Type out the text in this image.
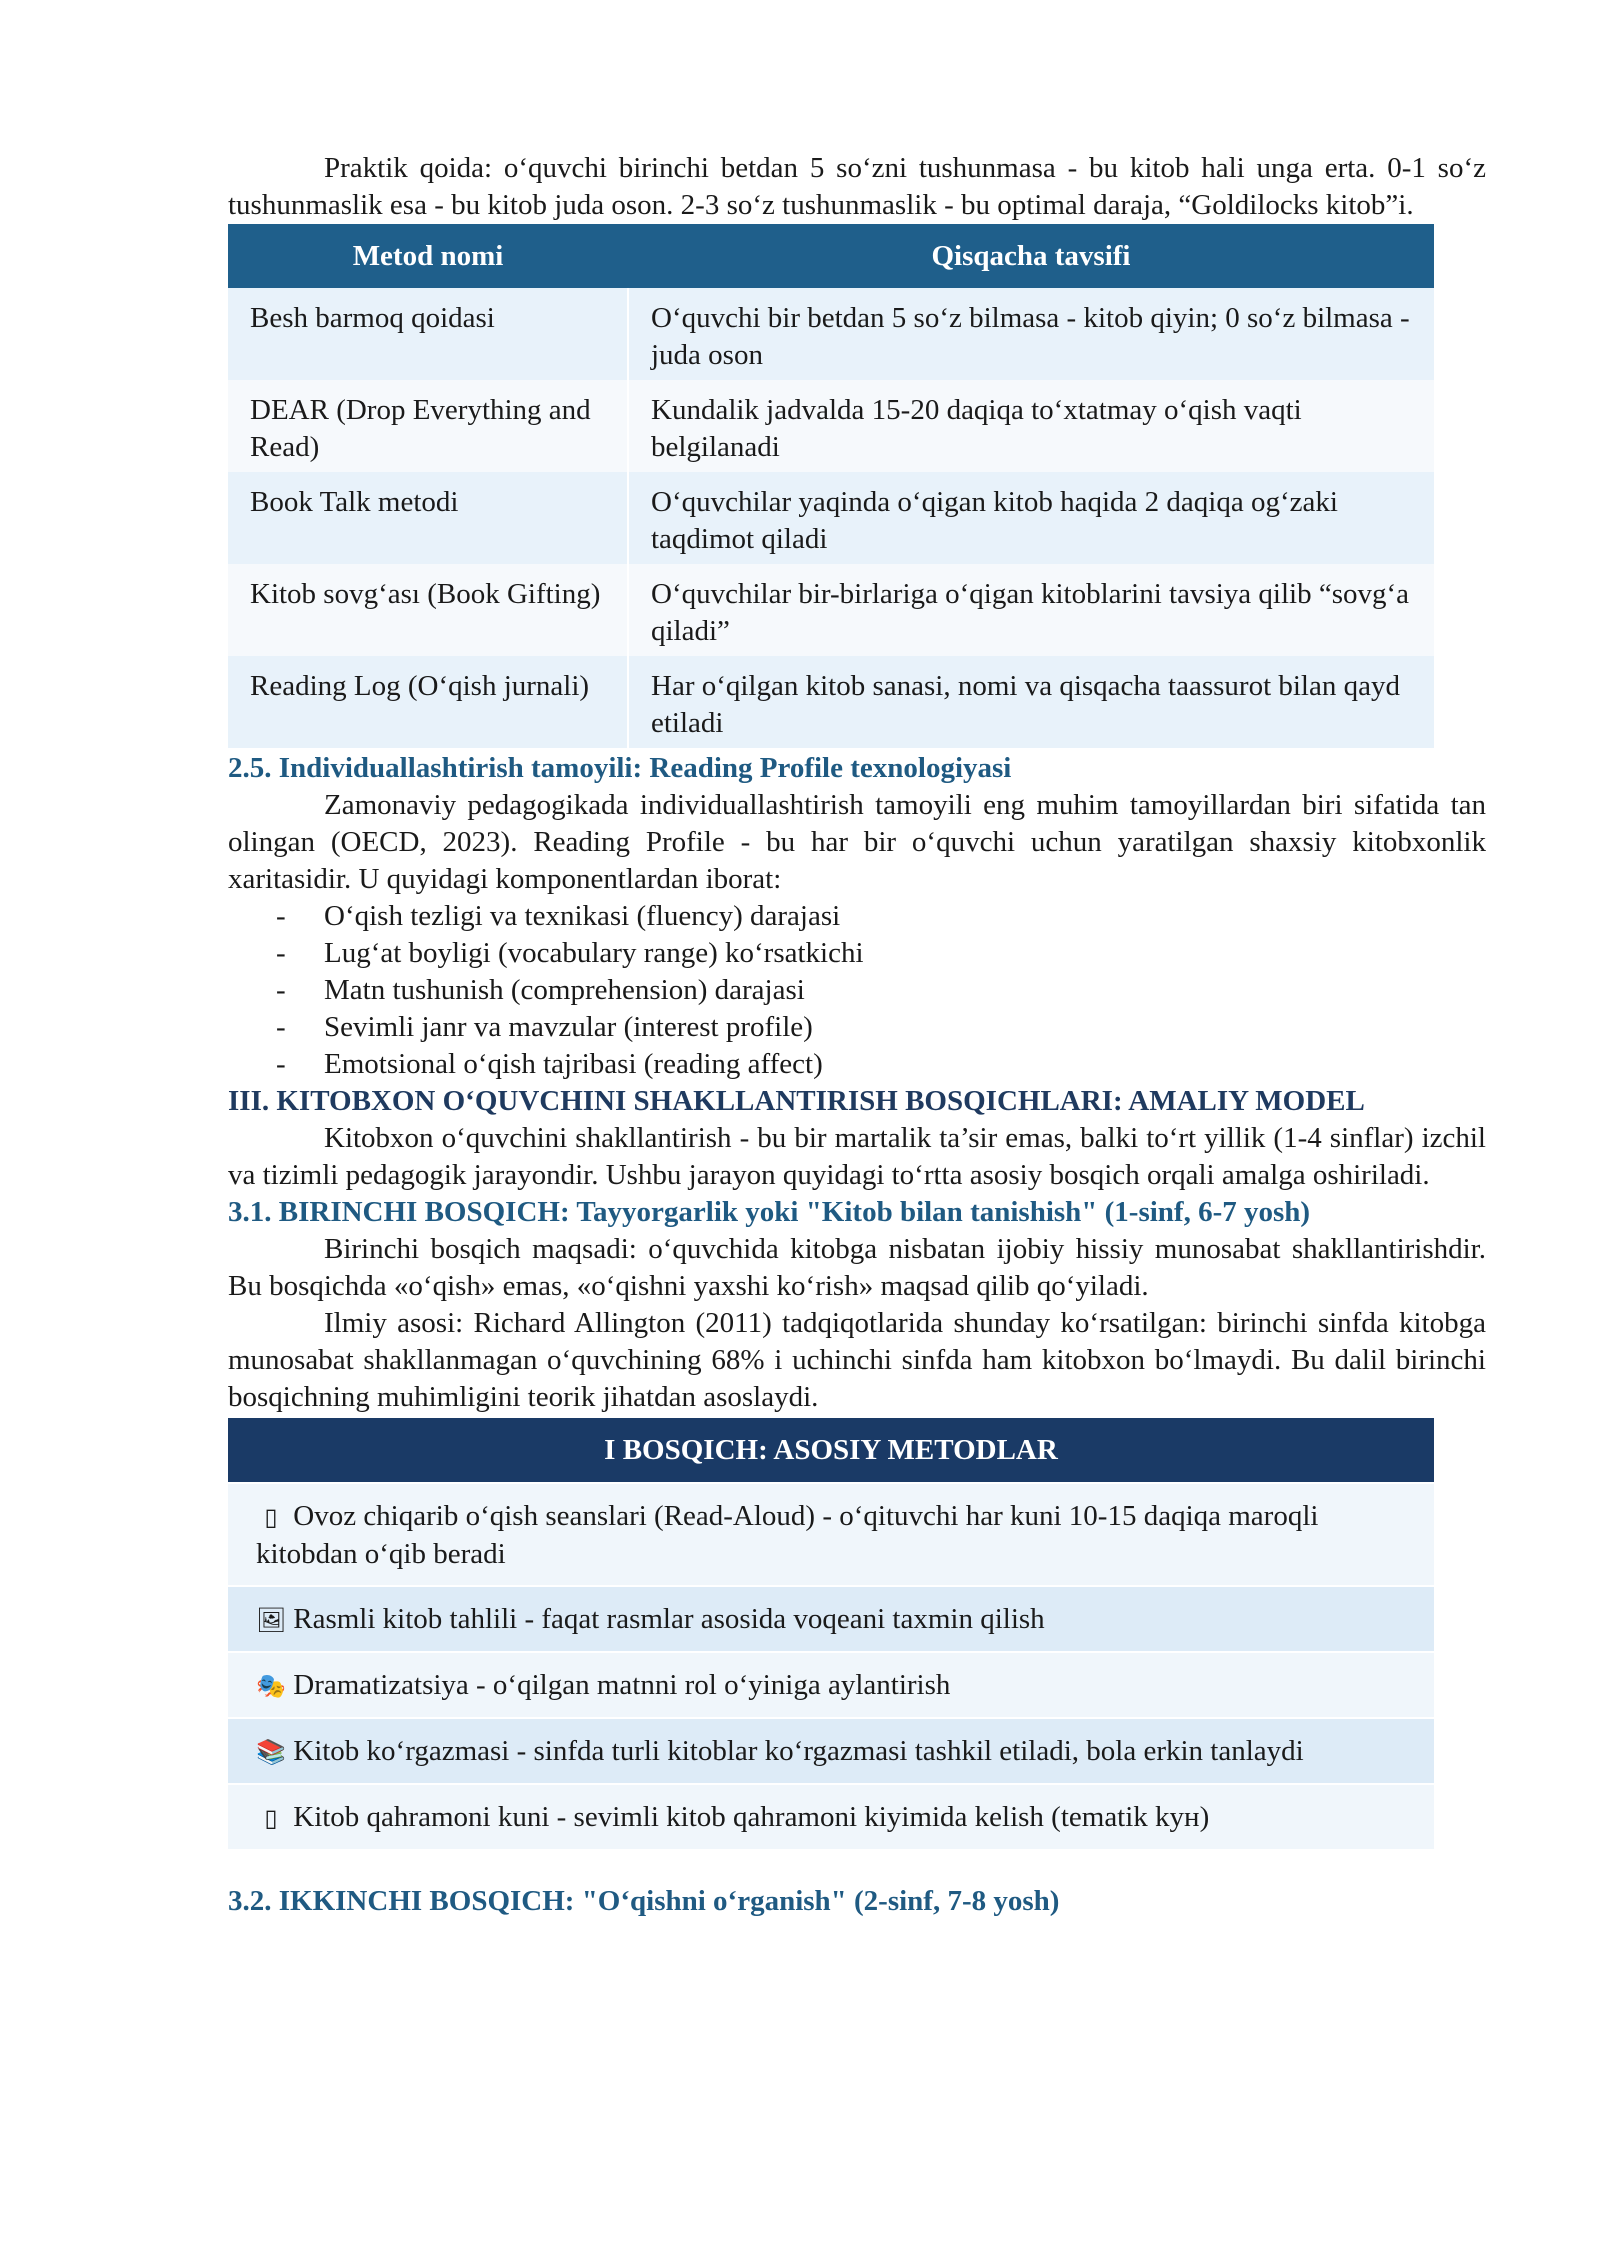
Praktik qoida: o‘quvchi birinchi betdan 5 so‘zni tushunmasa - bu kitob hali unga erta. 0-1 so‘z tushunmaslik esa - bu kitob juda oson. 2-3 so‘z tushunmaslik - bu optimal daraja, “Goldilocks kitob”i.

Metod nomi	Qisqacha tavsifi
Besh barmoq qoidasi	O‘quvchi bir betdan 5 so‘z bilmasa - kitob qiyin; 0 so‘z bilmasa - juda oson
DEAR (Drop Everything and Read)	Kundalik jadvalda 15-20 daqiqa to‘xtatmay o‘qish vaqti belgilanadi
Book Talk metodi	O‘quvchilar yaqinda o‘qigan kitob haqida 2 daqiqa og‘zaki taqdimot qiladi
Kitob sovg‘ası (Book Gifting)	O‘quvchilar bir-birlariga o‘qigan kitoblarini tavsiya qilib “sovg‘a qiladi”
Reading Log (O‘qish jurnali)	Har o‘qilgan kitob sanasi, nomi va qisqacha taassurot bilan qayd etiladi
2.5. Individuallashtirish tamoyili: Reading Profile texnologiyasi

Zamonaviy pedagogikada individuallashtirish tamoyili eng muhim tamoyillardan biri sifatida tan olingan (OECD, 2023). Reading Profile - bu har bir o‘quvchi uchun yaratilgan shaxsiy kitobxonlik xaritasidir. U quyidagi komponentlardan iborat:

- O‘qish tezligi va texnikasi (fluency) darajasi
- Lug‘at boyligi (vocabulary range) ko‘rsatkichi
- Matn tushunish (comprehension) darajasi
- Sevimli janr va mavzular (interest profile)
- Emotsional o‘qish tajribasi (reading affect)
III. KITOBXON O‘QUVCHINI SHAKLLANTIRISH BOSQICHLARI: AMALIY MODEL

Kitobxon o‘quvchini shakllantirish - bu bir martalik ta’sir emas, balki to‘rt yillik (1-4 sinflar) izchil va tizimli pedagogik jarayondir. Ushbu jarayon quyidagi to‘rtta asosiy bosqich orqali amalga oshiriladi.

3.1. BIRINCHI BOSQICH: Tayyorgarlik yoki "Kitob bilan tanishish" (1-sinf, 6-7 yosh)

Birinchi bosqich maqsadi: o‘quvchida kitobga nisbatan ijobiy hissiy munosabat shakllantirishdir. Bu bosqichda «o‘qish» emas, «o‘qishni yaxshi ko‘rish» maqsad qilib qo‘yiladi.

Ilmiy asosi: Richard Allington (2011) tadqiqotlarida shunday ko‘rsatilgan: birinchi sinfda kitobga munosabat shakllanmagan o‘quvchining 68% i uchinchi sinfda ham kitobxon bo‘lmaydi. Bu dalil birinchi bosqichning muhimligini teorik jihatdan asoslaydi.

I BOSQICH: ASOSIY METODLAR
▯ Ovoz chiqarib o‘qish seanslari (Read-Aloud) - o‘qituvchi har kuni 10-15 daqiqa maroqli kitobdan o‘qib beradi
🖼 Rasmli kitob tahlili - faqat rasmlar asosida voqeani taxmin qilish
🎭 Dramatizatsiya - o‘qilgan matnni rol o‘yiniga aylantirish
📚 Kitob ko‘rgazmasi - sinfda turli kitoblar ko‘rgazmasi tashkil etiladi, bola erkin tanlaydi
▯ Kitob qahramoni kuni - sevimli kitob qahramoni kiyimida kelish (tematik kун)
3.2. IKKINCHI BOSQICH: "O‘qishni o‘rganish" (2-sinf, 7-8 yosh)
